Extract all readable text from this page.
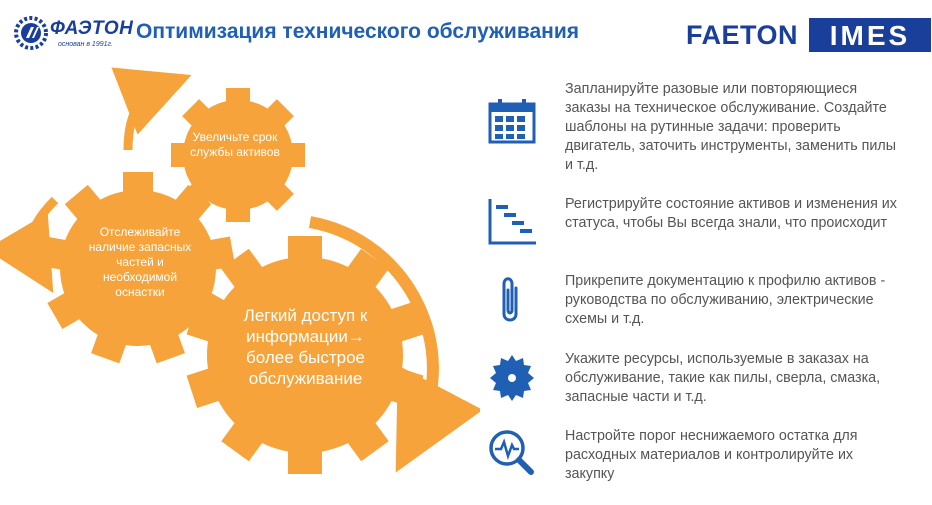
ФАЭТОН
основан в 1991г.
Оптимизация технического обслуживания	FAETON	IMES
Увеличьте срок службы активов
Отслеживайте наличие запасных частей и необходимой оснастки
Легкий доступ к информации→ более быстрое обслуживание
Запланируйте разовые или повторяющиеся заказы на техническое обслуживание. Создайте шаблоны на рутинные задачи: проверить двигатель, заточить инструменты, заменить пилы и т.д.
Регистрируйте состояние активов и изменения их статуса, чтобы Вы всегда знали, что происходит
Прикрепите документацию к профилю активов - руководства по обслуживанию, электрические схемы и т.д.
Укажите ресурсы, используемые в заказах на обслуживание, такие как пилы, сверла, смазка, запасные части и т.д.
Настройте порог неснижаемого остатка для расходных материалов и контролируйте их закупку
